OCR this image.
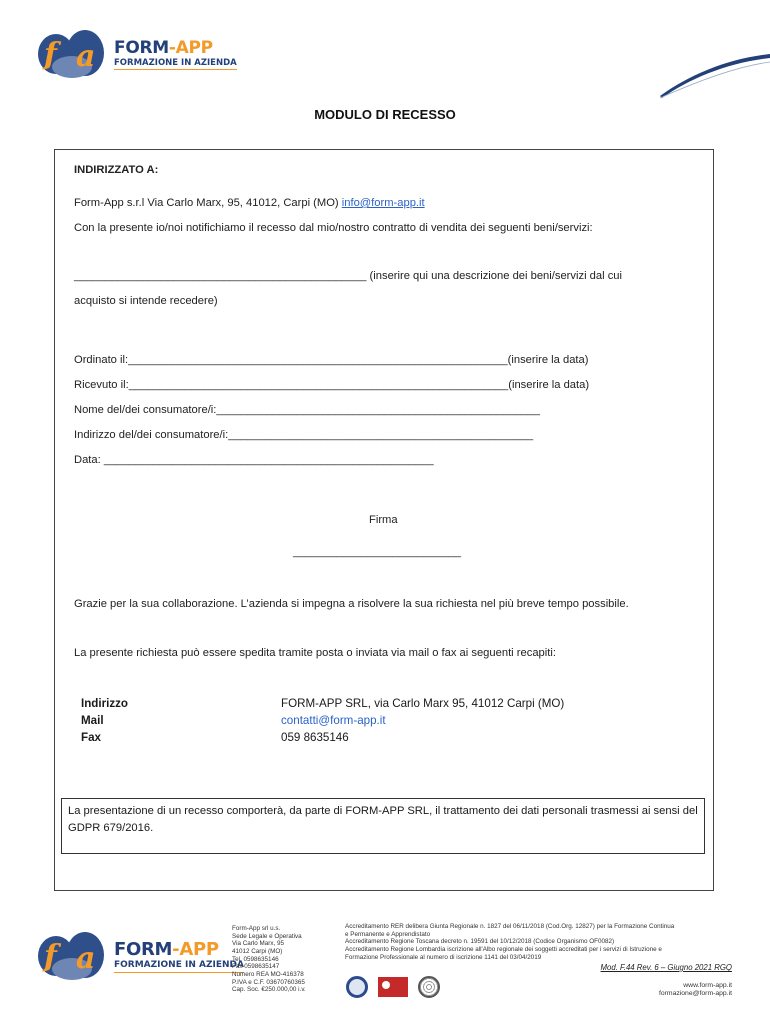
f a FORM-APP
FORMAZIONE IN AZIENDA
MODULO DI RECESSO
INDIRIZZATO A:
Form-App s.r.l Via Carlo Marx, 95, 41012, Carpi (MO) info@form-app.it
Con la presente io/noi notifichiamo il recesso dal mio/nostro contratto di vendita dei seguenti beni/servizi:
_______________________________________________ (inserire qui una descrizione dei beni/servizi dal cui
acquisto si intende recedere)
Ordinato il:_____________________________________________________________(inserire la data)
Ricevuto il:_____________________________________________________________(inserire la data)
Nome del/dei consumatore/i:____________________________________________________
Indirizzo del/dei consumatore/i:_________________________________________________
Data: _____________________________________________________
Firma
___________________________
Grazie per la sua collaborazione. L’azienda si impegna a risolvere la sua richiesta nel più breve tempo possibile.
La presente richiesta può essere spedita tramite posta o inviata via mail o fax ai seguenti recapiti:
Indirizzo	FORM-APP SRL, via Carlo Marx 95, 41012 Carpi (MO)
Mail	contatti@form-app.it
Fax	059 8635146
La presentazione di un recesso comporterà, da parte di FORM-APP SRL, il trattamento dei dati personali trasmessi ai sensi del GDPR 679/2016.
f a FORM-APP
FORMAZIONE IN AZIENDA
Form-App srl u.s.
Sede Legale e Operativa
Via Carlo Marx, 95
41012 Carpi (MO)
Tel. 0598635146
Fax 0598635147
Numero REA MO-416378
P.IVA e C.F. 03670760365
Cap. Soc. €250.000,00 i.v.
Accreditamento RER delibera Giunta Regionale n. 1827 del 06/11/2018 (Cod.Org. 12827) per la Formazione Continua
e Permanente e Apprendistato
Accreditamento Regione Toscana decreto n. 19591 del 10/12/2018 (Codice Organismo OF0082)
Accreditamento Regione Lombardia iscrizione all'Albo regionale dei soggetti accreditati per i servizi di Istruzione e
Formazione Professionale al numero di iscrizione 1141 del 03/04/2019
Mod. F.44 Rev. 6 – Giugno 2021 RGQ
www.form-app.it
formazione@form-app.it
